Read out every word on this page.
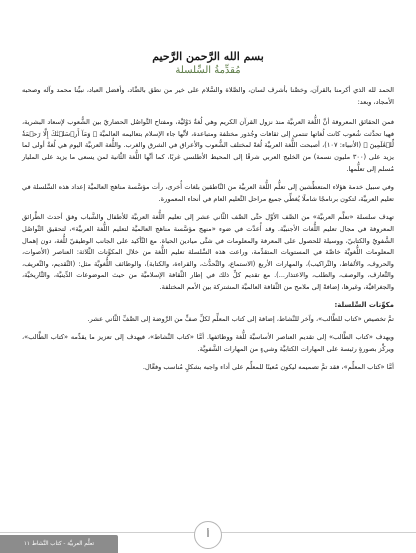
بسم الله الرَّحمن الرَّحيم
مُقدِّمةُ السِّلسلة

الحمد لله الذي أكرمنا بالقرآن، وخصَّنا بأشرف لسان، والصَّلاة والسَّلام على خير من نطق بالضَّاد، وأفضل العباد، نبيِّنا محمد وآله وصحبه الأمجاد، وبعد:

فمن الحقائق المعروفة أنَّ اللُّغة العربيَّة منذ نزول القرآن الكريم وهي لُغةٌ دَوْليَّة، ومفتاح التَّواصُل الحضاريّ بين الشُّعوب لإسعاد البشرية، فهيا تحدَّثت شُعوب كانت لُغاتها تنتمي إلى ثقافات وجُذور مختلفة ومتباعدة، لأنَّها جاء الإسلام بتعاليمه العالميَّة ﴿ وَمَآ أَرۡسَلۡنَٰكَ إِلَّا رَحۡمَةٗ لِّلۡعَٰلَمِينَ ﴾ (الأنبياء: ١٠٧)، أصبحت اللُّغة العربيَّة لُغةً لمختلف الشُّعوب والأعراق في الشرق والغرب. واللُّغة العربيَّة اليوم هي لُغةٌ أولى لما يزيد على (٣٠٠ مليون نسمة) من الخليج العربي شرقًا إلى المحيط الأطلسي غربًا، كما أنَّها اللُّغة الثَّانية لمن يسعى ما يزيد على المليار مُسلم إلى تعلُّمها.

وفي سبيل خدمة هؤلاء المتعطِّشين إلى تعلُّم اللُّغة العربيَّة من النَّاطقين بلغات أُخرى، رأت مؤسَّسة مناهج العالميَّة إعداد هذه السِّلسلة في تعليم العربيَّة، لتكون برنامجًا شاملًا يُغطِّي جميع مراحل التَّعليم العام في أنحاء المعمورة.

تهدف سلسلة «تعلَّم العربيَّة» من الصَّف الأوَّل حتَّى الصَّف الثَّاني عشر إلى تعليم اللُّغة العربيَّة للأطفال والشَّباب وفق أحدث الطَّرائق المعروفة في مجال تعليم اللُّغات الأجنبيَّة. وقد أُعدَّت في ضوء «منهج مؤسَّسة مناهج العالميَّة لتعليم اللُّغة العربيَّة»، لتحقيق التَّواصُل الشَّفويّ والكتابيّ، ووسيلة للحصول على المعرفة والمعلومات في شتَّى ميادين الحياة. مع التَّأكيد على الجانب الوظيفيّ للُّغة، دون إهمال المعلومات اللُّغويَّة خاصَّة في المستويات المتقدِّمة، وراعت هذه السِّلسلة تعليم اللُّغة من خلال المكوِّنات الثَّلاثة: العناصر (الأصوات، والحروف، والألفاظ، والتَّراكيب)، والمهارات الأربع (الاستماع، والتَّحدُّث، والقراءة، والكتابة)، والوظائف اللُّغويَّة مثل: (التَّقديم، والتَّعريف، والتَّعارف، والوصف، والطلب، والاعتذار...). مع تقديم كلِّ ذلك في إطار الثَّقافة الإسلاميَّة من حيث الموضوعات الدِّينيَّة، والتَّاريخيَّة، والجغرافيَّة، وغيرها، إضافةً إلى ملامح من الثَّقافة العالميَّة المشتركة بين الأمم المختلفة.

مكوِّنات السِّلسلة:

تمَّ تخصيص «كتاب للطَّالب»، وآخر للنَّشاط، إضافة إلى كتاب المعلِّم لكلِّ صفٍّ من الرَّوضة إلى الصَّفِّ الثَّاني عشر.

ويهدف «كتاب الطَّالب» إلى تقديم العناصر الأساسيَّة للُّغة ووظائفها. أمَّا «كتاب النَّشاط»، فيهدف إلى تعزيز ما يقدِّمه «كتاب الطَّالب»، ويركِّز بصورةٍ رئيسة على المهارات الكتابيَّة وشيءٍ من المهارات الشَّفويَّة.

أمَّا «كتاب المعلِّم»، فقد تمَّ تصميمه ليكون مُعينًا للمعلِّم على أداء واجبه بشكلٍ مُناسب وفعَّال.

تعلَّم العربيَّة - كتاب النَّشاط ١١
أ
